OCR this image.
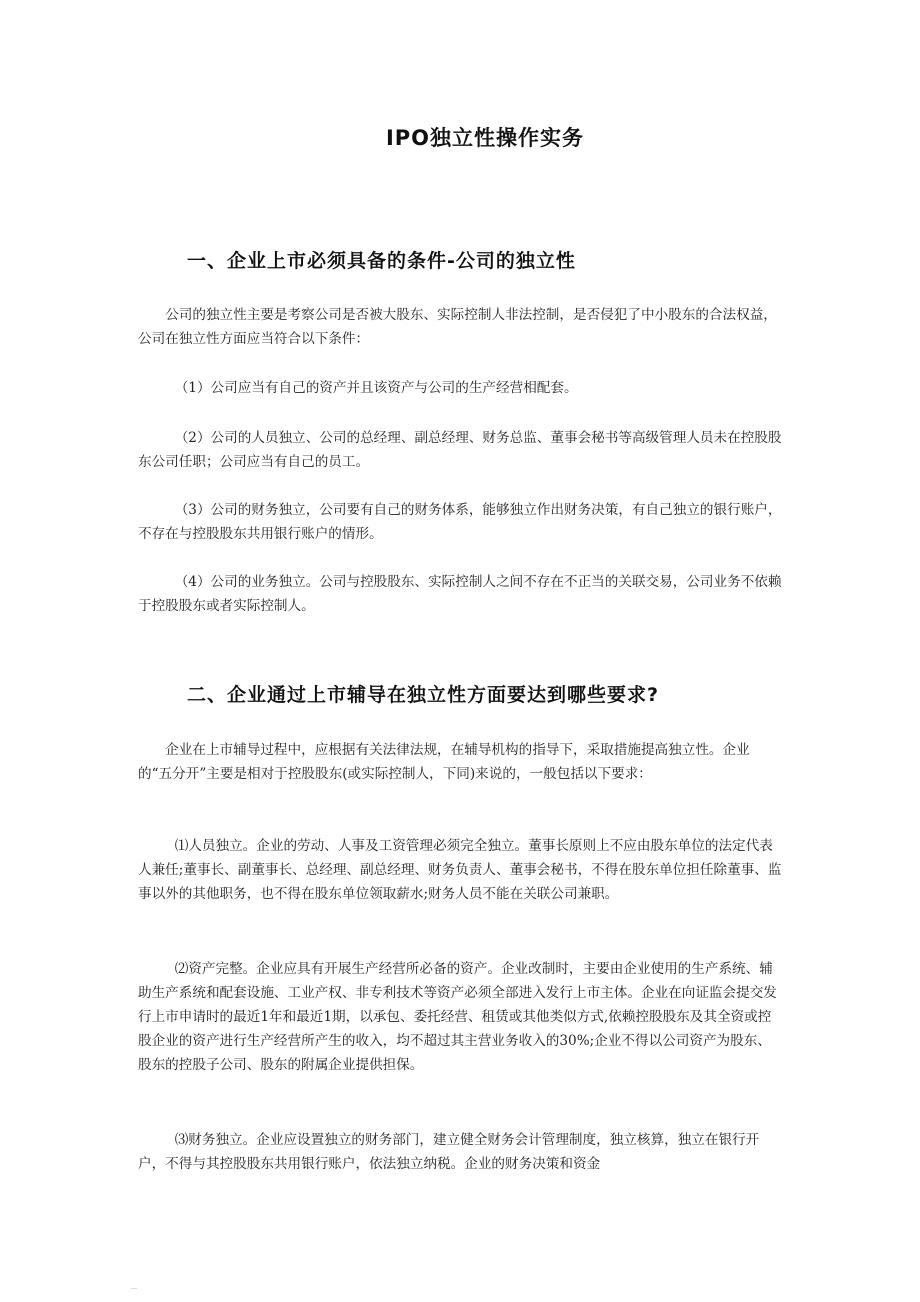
IPO独立性操作实务
一、企业上市必须具备的条件-公司的独立性

公司的独立性主要是考察公司是否被大股东、实际控制人非法控制，是否侵犯了中小股东的合法权益，公司在独立性方面应当符合以下条件：

（1）公司应当有自己的资产并且该资产与公司的生产经营相配套。

（2）公司的人员独立、公司的总经理、副总经理、财务总监、董事会秘书等高级管理人员未在控股股东公司任职；公司应当有自己的员工。

（3）公司的财务独立，公司要有自己的财务体系，能够独立作出财务决策，有自己独立的银行账户，不存在与控股股东共用银行账户的情形。

（4）公司的业务独立。公司与控股股东、实际控制人之间不存在不正当的关联交易，公司业务不依赖于控股股东或者实际控制人。

二、企业通过上市辅导在独立性方面要达到哪些要求?

企业在上市辅导过程中，应根据有关法律法规，在辅导机构的指导下，采取措施提高独立性。企业的“五分开”主要是相对于控股股东(或实际控制人，下同)来说的，一般包括以下要求：

⑴人员独立。企业的劳动、人事及工资管理必须完全独立。董事长原则上不应由股东单位的法定代表人兼任;董事长、副董事长、总经理、副总经理、财务负责人、董事会秘书，不得在股东单位担任除董事、监事以外的其他职务，也不得在股东单位领取薪水;财务人员不能在关联公司兼职。

⑵资产完整。企业应具有开展生产经营所必备的资产。企业改制时，主要由企业使用的生产系统、辅助生产系统和配套设施、工业产权、非专利技术等资产必须全部进入发行上市主体。企业在向证监会提交发行上市申请时的最近1年和最近1期，以承包、委托经营、租赁或其他类似方式,依赖控股股东及其全资或控股企业的资产进行生产经营所产生的收入，均不超过其主营业务收入的30%;企业不得以公司资产为股东、股东的控股子公司、股东的附属企业提供担保。

⑶财务独立。企业应设置独立的财务部门，建立健全财务会计管理制度，独立核算，独立在银行开户，不得与其控股股东共用银行账户，依法独立纳税。企业的财务决策和资金
